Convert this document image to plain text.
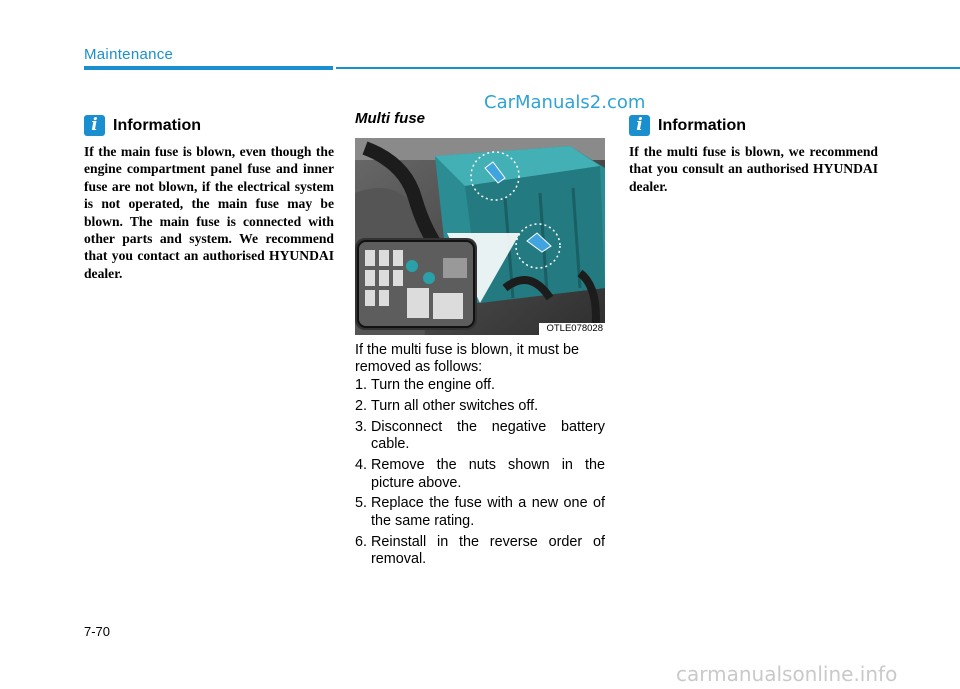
Maintenance
CarManuals2.com
i Information
If the main fuse is blown, even though the engine compartment panel fuse and inner fuse are not blown, if the electrical system is not operated, the main fuse may be blown. The main fuse is connected with other parts and system. We recommend that you contact an authorised HYUNDAI dealer.
Multi fuse
OTLE078028
If the multi fuse is blown, it must be removed as follows:
1. Turn the engine off.
2. Turn all other switches off.
3. Disconnect the negative battery cable.
4. Remove the nuts shown in the picture above.
5. Replace the fuse with a new one of the same rating.
6. Reinstall in the reverse order of removal.
i Information
If the multi fuse is blown, we recommend that you consult an authorised HYUNDAI dealer.
7-70
carmanualsonline.info
